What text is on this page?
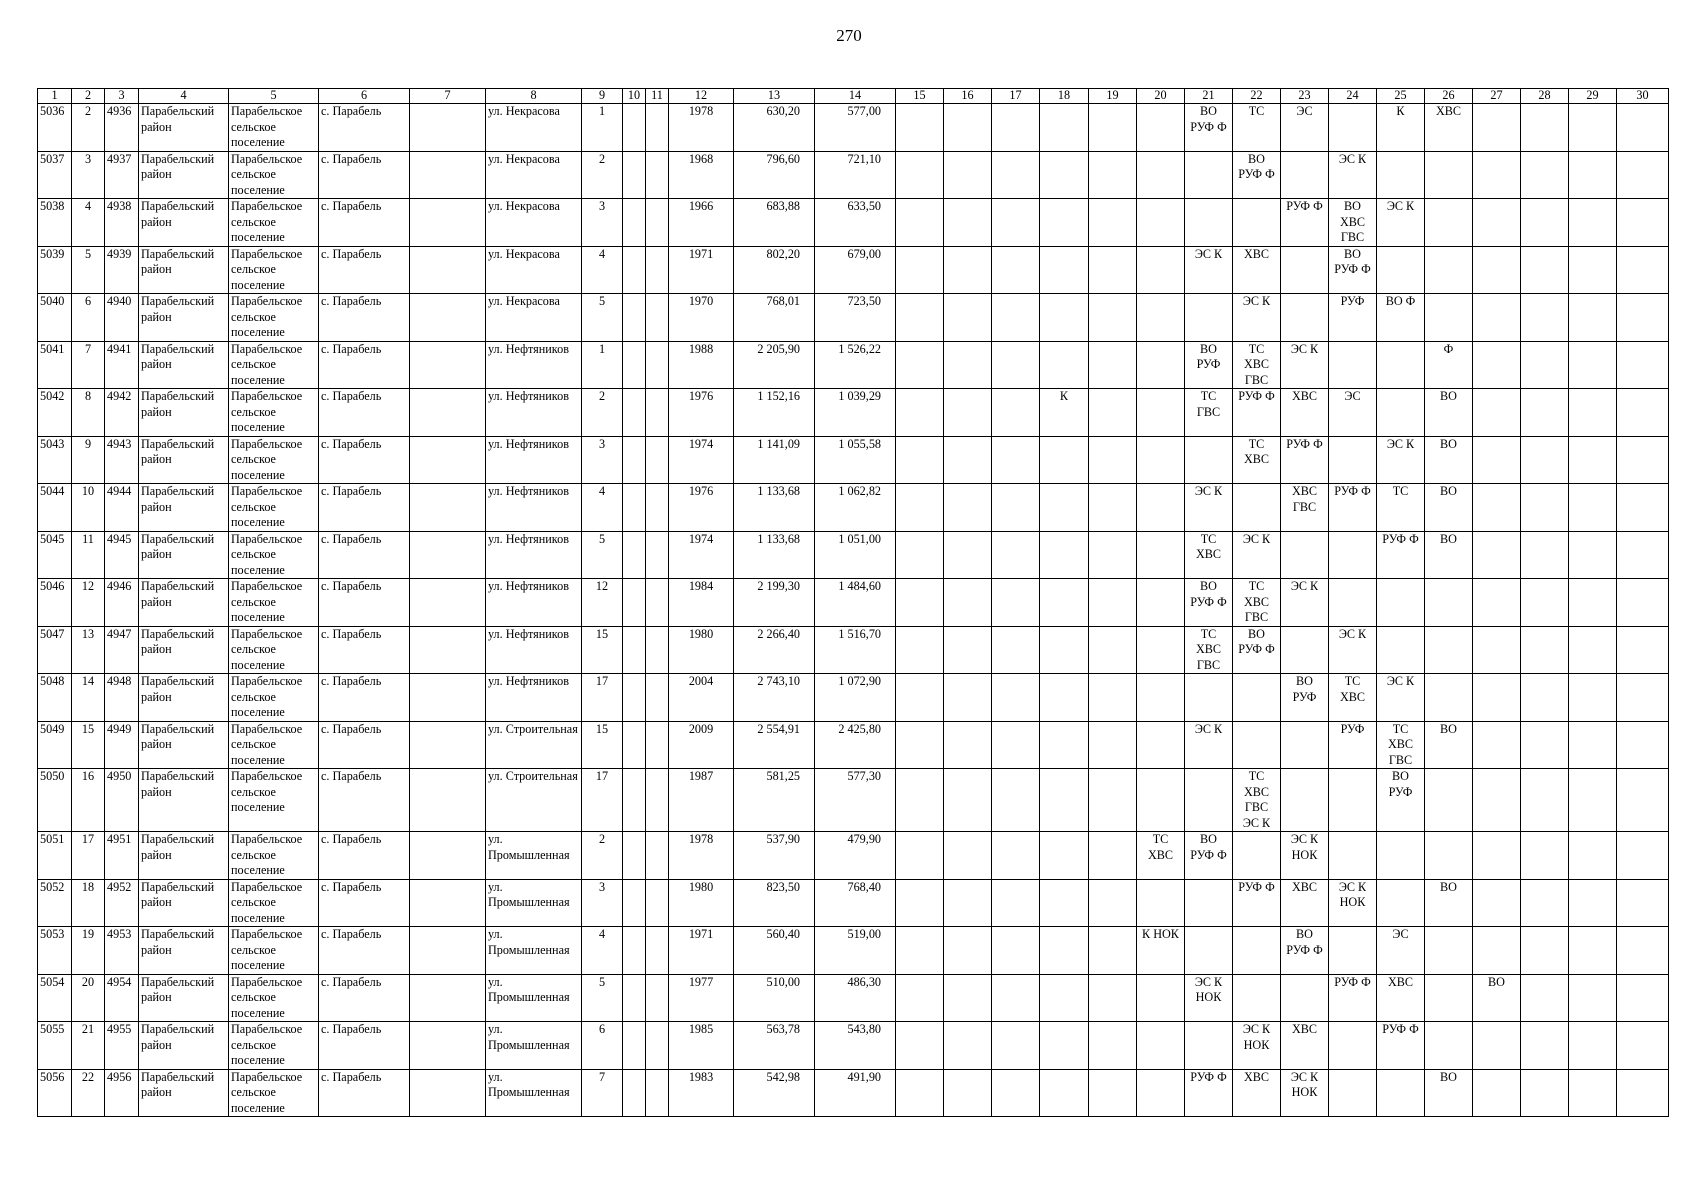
270
1	2	3	4	5	6	7	8	9	10	11	12	13	14	15	16	17	18	19	20	21	22	23	24	25	26	27	28	29	30
5036	2	4936	Парабельский район	Парабельское сельское поселение	с. Парабель		ул. Некрасова	1			1978	630,20	577,00							ВО
РУФ Ф	ТС	ЭС		К	ХВС				
5037	3	4937	Парабельский район	Парабельское сельское поселение	с. Парабель		ул. Некрасова	2			1968	796,60	721,10								ВО
РУФ Ф		ЭС К						
5038	4	4938	Парабельский район	Парабельское сельское поселение	с. Парабель		ул. Некрасова	3			1966	683,88	633,50									РУФ Ф	ВО
ХВС
ГВС	ЭС К					
5039	5	4939	Парабельский район	Парабельское сельское поселение	с. Парабель		ул. Некрасова	4			1971	802,20	679,00							ЭС К	ХВС		ВО
РУФ Ф						
5040	6	4940	Парабельский район	Парабельское сельское поселение	с. Парабель		ул. Некрасова	5			1970	768,01	723,50								ЭС К		РУФ	ВО Ф					
5041	7	4941	Парабельский район	Парабельское сельское поселение	с. Парабель		ул. Нефтяников	1			1988	2 205,90	1 526,22							ВО
РУФ	ТС
ХВС
ГВС	ЭС К			Ф				
5042	8	4942	Парабельский район	Парабельское сельское поселение	с. Парабель		ул. Нефтяников	2			1976	1 152,16	1 039,29				К			ТС
ГВС	РУФ Ф	ХВС	ЭС		ВО				
5043	9	4943	Парабельский район	Парабельское сельское поселение	с. Парабель		ул. Нефтяников	3			1974	1 141,09	1 055,58								ТС
ХВС	РУФ Ф		ЭС К	ВО				
5044	10	4944	Парабельский район	Парабельское сельское поселение	с. Парабель		ул. Нефтяников	4			1976	1 133,68	1 062,82							ЭС К		ХВС
ГВС	РУФ Ф	ТС	ВО				
5045	11	4945	Парабельский район	Парабельское сельское поселение	с. Парабель		ул. Нефтяников	5			1974	1 133,68	1 051,00							ТС
ХВС	ЭС К			РУФ Ф	ВО				
5046	12	4946	Парабельский район	Парабельское сельское поселение	с. Парабель		ул. Нефтяников	12			1984	2 199,30	1 484,60							ВО
РУФ Ф	ТС
ХВС
ГВС	ЭС К							
5047	13	4947	Парабельский район	Парабельское сельское поселение	с. Парабель		ул. Нефтяников	15			1980	2 266,40	1 516,70							ТС
ХВС
ГВС	ВО
РУФ Ф		ЭС К						
5048	14	4948	Парабельский район	Парабельское сельское поселение	с. Парабель		ул. Нефтяников	17			2004	2 743,10	1 072,90									ВО
РУФ	ТС
ХВС	ЭС К					
5049	15	4949	Парабельский район	Парабельское сельское поселение	с. Парабель		ул. Строительная	15			2009	2 554,91	2 425,80							ЭС К			РУФ	ТС
ХВС
ГВС	ВО				
5050	16	4950	Парабельский район	Парабельское сельское поселение	с. Парабель		ул. Строительная	17			1987	581,25	577,30								ТС
ХВС
ГВС
ЭС К			ВО
РУФ					
5051	17	4951	Парабельский район	Парабельское сельское поселение	с. Парабель		ул. Промышленная	2			1978	537,90	479,90						ТС
ХВС	ВО
РУФ Ф		ЭС К
НОК							
5052	18	4952	Парабельский район	Парабельское сельское поселение	с. Парабель		ул. Промышленная	3			1980	823,50	768,40								РУФ Ф	ХВС	ЭС К
НОК		ВО				
5053	19	4953	Парабельский район	Парабельское сельское поселение	с. Парабель		ул. Промышленная	4			1971	560,40	519,00						К НОК			ВО
РУФ Ф		ЭС					
5054	20	4954	Парабельский район	Парабельское сельское поселение	с. Парабель		ул. Промышленная	5			1977	510,00	486,30							ЭС К
НОК			РУФ Ф	ХВС		ВО			
5055	21	4955	Парабельский район	Парабельское сельское поселение	с. Парабель		ул. Промышленная	6			1985	563,78	543,80								ЭС К
НОК	ХВС		РУФ Ф					
5056	22	4956	Парабельский район	Парабельское сельское поселение	с. Парабель		ул. Промышленная	7			1983	542,98	491,90							РУФ Ф	ХВС	ЭС К
НОК			ВО				
